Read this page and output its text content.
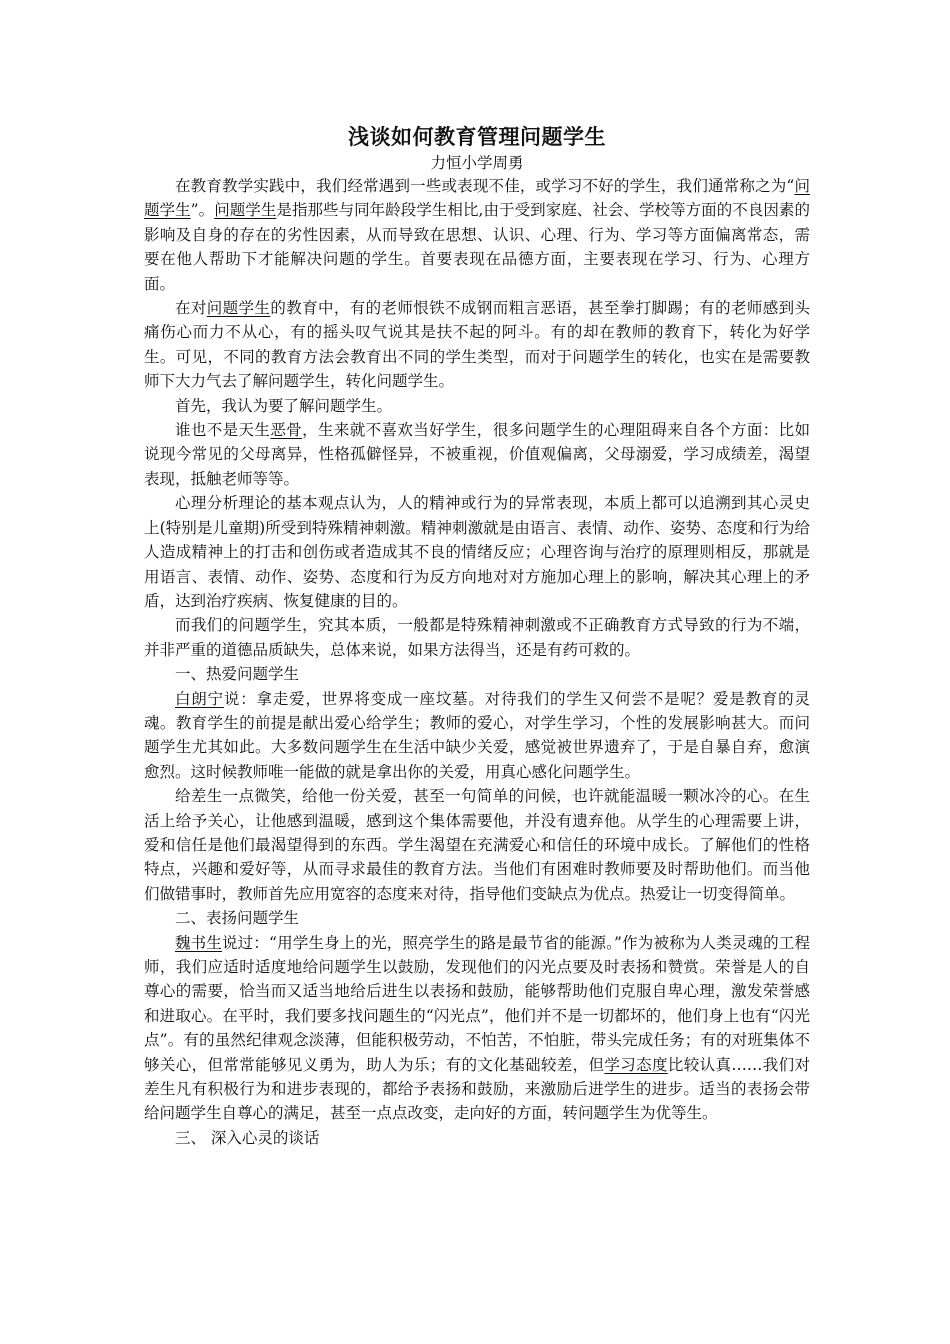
浅谈如何教育管理问题学生
力恒小学周勇

在教育教学实践中，我们经常遇到一些或表现不佳，或学习不好的学生，我们通常称之为“问题学生”。问题学生是指那些与同年龄段学生相比,由于受到家庭、社会、学校等方面的不良因素的影响及自身的存在的劣性因素，从而导致在思想、认识、心理、行为、学习等方面偏离常态，需要在他人帮助下才能解决问题的学生。首要表现在品德方面，主要表现在学习、行为、心理方面。

在对问题学生的教育中，有的老师恨铁不成钢而粗言恶语，甚至拳打脚踢；有的老师感到头痛伤心而力不从心，有的摇头叹气说其是扶不起的阿斗。有的却在教师的教育下，转化为好学生。可见，不同的教育方法会教育出不同的学生类型，而对于问题学生的转化，也实在是需要教师下大力气去了解问题学生，转化问题学生。

首先，我认为要了解问题学生。

谁也不是天生恶骨，生来就不喜欢当好学生，很多问题学生的心理阻碍来自各个方面：比如说现今常见的父母离异，性格孤僻怪异，不被重视，价值观偏离，父母溺爱，学习成绩差，渴望表现，抵触老师等等。

心理分析理论的基本观点认为，人的精神或行为的异常表现，本质上都可以追溯到其心灵史上(特别是儿童期)所受到特殊精神刺激。精神刺激就是由语言、表情、动作、姿势、态度和行为给人造成精神上的打击和创伤或者造成其不良的情绪反应；心理咨询与治疗的原理则相反，那就是用语言、表情、动作、姿势、态度和行为反方向地对对方施加心理上的影响，解决其心理上的矛盾，达到治疗疾病、恢复健康的目的。

而我们的问题学生，究其本质，一般都是特殊精神刺激或不正确教育方式导致的行为不端，并非严重的道德品质缺失，总体来说，如果方法得当，还是有药可救的。

一、热爱问题学生

白朗宁说：拿走爱，世界将变成一座坟墓。对待我们的学生又何尝不是呢？爱是教育的灵魂。教育学生的前提是献出爱心给学生；教师的爱心，对学生学习，个性的发展影响甚大。而问题学生尤其如此。大多数问题学生在生活中缺少关爱，感觉被世界遗弃了，于是自暴自弃，愈演愈烈。这时候教师唯一能做的就是拿出你的关爱，用真心感化问题学生。

给差生一点微笑，给他一份关爱，甚至一句简单的问候，也许就能温暖一颗冰冷的心。在生活上给予关心，让他感到温暖，感到这个集体需要他，并没有遗弃他。从学生的心理需要上讲，爱和信任是他们最渴望得到的东西。学生渴望在充满爱心和信任的环境中成长。了解他们的性格特点，兴趣和爱好等，从而寻求最佳的教育方法。当他们有困难时教师要及时帮助他们。而当他们做错事时，教师首先应用宽容的态度来对待，指导他们变缺点为优点。热爱让一切变得简单。

二、表扬问题学生

魏书生说过：“用学生身上的光，照亮学生的路是最节省的能源。”作为被称为人类灵魂的工程师，我们应适时适度地给问题学生以鼓励，发现他们的闪光点要及时表扬和赞赏。荣誉是人的自尊心的需要，恰当而又适当地给后进生以表扬和鼓励，能够帮助他们克服自卑心理，激发荣誉感和进取心。在平时，我们要多找问题生的“闪光点”，他们并不是一切都坏的，他们身上也有“闪光点”。有的虽然纪律观念淡薄，但能积极劳动，不怕苦，不怕脏，带头完成任务；有的对班集体不够关心，但常常能够见义勇为，助人为乐；有的文化基础较差，但学习态度比较认真……我们对差生凡有积极行为和进步表现的，都给予表扬和鼓励，来激励后进学生的进步。适当的表扬会带给问题学生自尊心的满足，甚至一点点改变，走向好的方面，转问题学生为优等生。

三、 深入心灵的谈话
